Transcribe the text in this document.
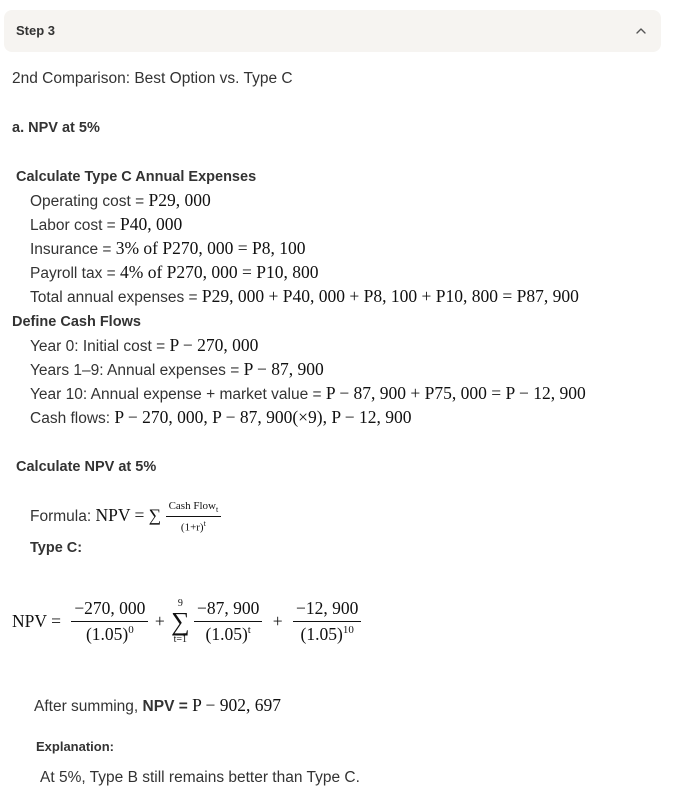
Step 3
2nd Comparison: Best Option vs. Type C
a. NPV at 5%
Calculate Type C Annual Expenses
Operating cost = P29, 000
Labor cost = P40, 000
Insurance = 3% of P270, 000 = P8, 100
Payroll tax = 4% of P270, 000 = P10, 800
Total annual expenses = P29, 000 + P40, 000 + P8, 100 + P10, 800 = P87, 900
Define Cash Flows
Year 0: Initial cost = P − 270, 000
Years 1–9: Annual expenses = P − 87, 900
Year 10: Annual expense + market value = P − 87, 900 + P75, 000 = P − 12, 900
Cash flows: P − 270, 000, P − 87, 900(×9), P − 12, 900
Calculate NPV at 5%
Formula: NPV = ∑ $\frac{Cash Flow_t}{(1+r)^t}$
Type C:
NPV = $\frac{-270, 000}{(1.05)^0}$ +
9
∑
t=1
$\frac{-87, 900}{(1.05)^t} + \frac{-12, 900}{(1.05)^{10}}$
After summing, NPV = P − 902, 697
Explanation:
At 5%, Type B still remains better than Type C.
